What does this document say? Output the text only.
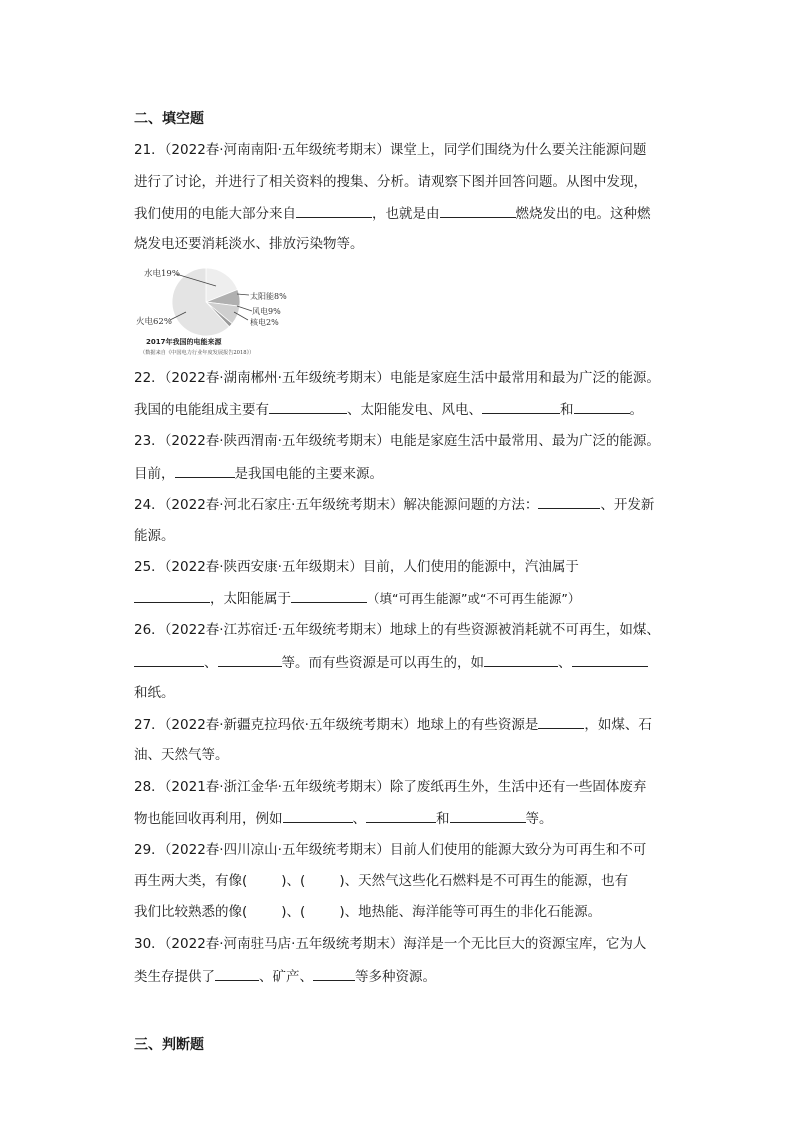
二、填空题
21．（2022春·河南南阳·五年级统考期末）课堂上，同学们围绕为什么要关注能源问题
进行了讨论，并进行了相关资料的搜集、分析。请观察下图并回答问题。从图中发现，
我们使用的电能大部分来自	，也就是由	燃烧发出的电。这种燃
烧发电还要消耗淡水、排放污染物等。
水电19%
火电62%
太阳能8%
风电9%
核电2%
2017年我国的电能来源
（数据来自《中国电力行业年度发展报告2018》）
22．（2022春·湖南郴州·五年级统考期末）电能是家庭生活中最常用和最为广泛的能源。
我国的电能组成主要有	、太阳能发电、风电、	和	。
23．（2022春·陕西渭南·五年级统考期末）电能是家庭生活中最常用、最为广泛的能源。
目前，	是我国电能的主要来源。
24．（2022春·河北石家庄·五年级统考期末）解决能源问题的方法：	、开发新
能源。
25．（2022春·陕西安康·五年级期末）目前，人们使用的能源中，汽油属于
，太阳能属于	（填“可再生能源”或“不可再生能源”）
26．（2022春·江苏宿迁·五年级统考期末）地球上的有些资源被消耗就不可再生，如煤、
、	等。而有些资源是可以再生的，如	、
和纸。
27．（2022春·新疆克拉玛依·五年级统考期末）地球上的有些资源是	，如煤、石
油、天然气等。
28．（2021春·浙江金华·五年级统考期末）除了废纸再生外，生活中还有一些固体废弃
物也能回收再利用，例如	、	和	等。
29．（2022春·四川凉山·五年级统考期末）目前人们使用的能源大致分为可再生和不可
再生两大类，有像(	)、(	)、天然气这些化石燃料是不可再生的能源，也有
我们比较熟悉的像(	)、(	)、地热能、海洋能等可再生的非化石能源。
30．（2022春·河南驻马店·五年级统考期末）海洋是一个无比巨大的资源宝库，它为人
类生存提供了	、矿产、	等多种资源。
三、判断题
